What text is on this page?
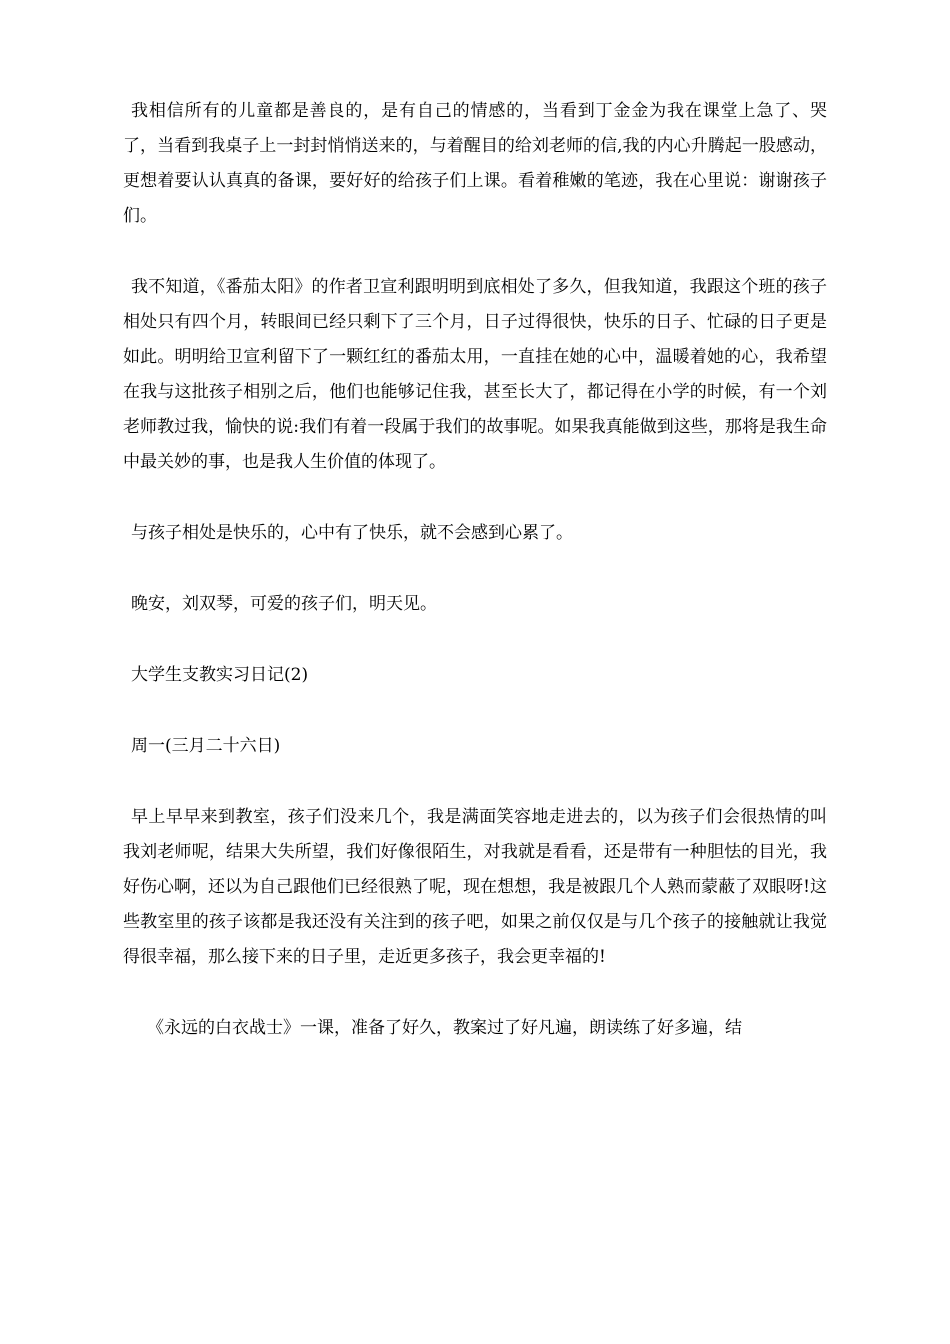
我相信所有的儿童都是善良的，是有自己的情感的，当看到丁金金为我在课堂上急了、哭了，当看到我桌子上一封封悄悄送来的，与着醒目的给刘老师的信,我的内心升腾起一股感动，更想着要认认真真的备课，要好好的给孩子们上课。看着稚嫩的笔迹，我在心里说：谢谢孩子们。

我不知道，《番茄太阳》的作者卫宣利跟明明到底相处了多久，但我知道，我跟这个班的孩子相处只有四个月，转眼间已经只剩下了三个月，日子过得很快，快乐的日子、忙碌的日子更是如此。明明给卫宣利留下了一颗红红的番茄太用，一直挂在她的心中，温暖着她的心，我希望在我与这批孩子相别之后，他们也能够记住我，甚至长大了，都记得在小学的时候，有一个刘老师教过我，愉快的说:我们有着一段属于我们的故事呢。如果我真能做到这些，那将是我生命中最关妙的事，也是我人生价值的体现了。

与孩子相处是快乐的，心中有了快乐，就不会感到心累了。

晚安，刘双琴，可爱的孩子们，明天见。

大学生支教实习日记(2)

周一(三月二十六日)

早上早早来到教室，孩子们没来几个，我是满面笑容地走进去的，以为孩子们会很热情的叫我刘老师呢，结果大失所望，我们好像很陌生，对我就是看看，还是带有一种胆怯的目光，我好伤心啊，还以为自己跟他们已经很熟了呢，现在想想，我是被跟几个人熟而蒙蔽了双眼呀!这些教室里的孩子该都是我还没有关注到的孩子吧，如果之前仅仅是与几个孩子的接触就让我觉得很幸福，那么接下来的日子里，走近更多孩子，我会更幸福的!

《永远的白衣战士》一课，准备了好久，教案过了好凡遍，朗读练了好多遍，结
